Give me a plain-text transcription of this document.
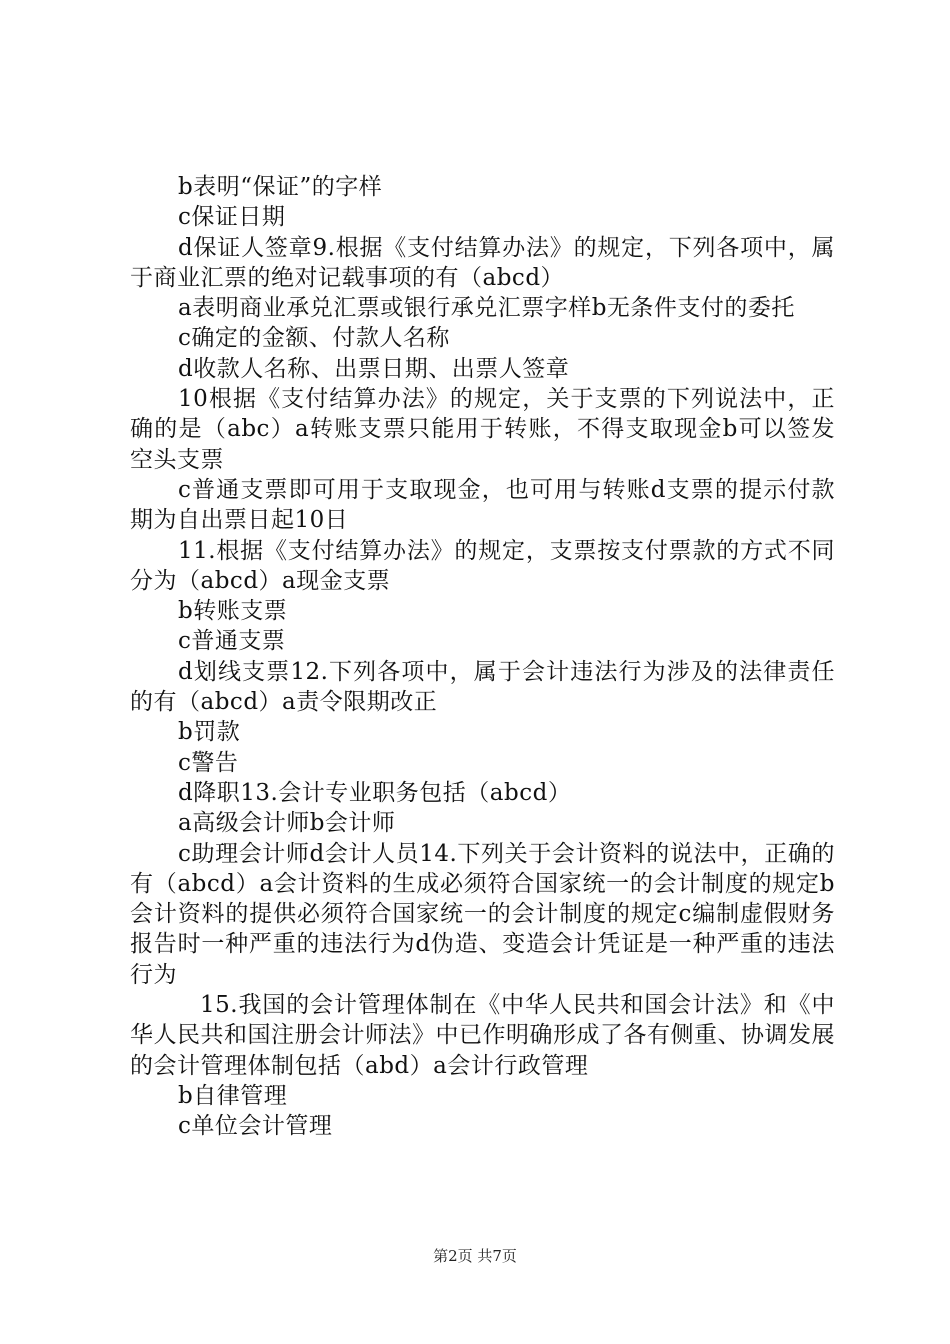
b表明“保证”的字样

c保证日期

d保证人签章9.根据《支付结算办法》的规定，下列各项中，属于商业汇票的绝对记载事项的有（abcd）

a表明商业承兑汇票或银行承兑汇票字样b无条件支付的委托

c确定的金额、付款人名称

d收款人名称、出票日期、出票人签章

10根据《支付结算办法》的规定，关于支票的下列说法中，正确的是（abc）a转账支票只能用于转账，不得支取现金b可以签发空头支票

c普通支票即可用于支取现金，也可用与转账d支票的提示付款期为自出票日起10日

11.根据《支付结算办法》的规定，支票按支付票款的方式不同分为（abcd）a现金支票

b转账支票

c普通支票

d划线支票12.下列各项中，属于会计违法行为涉及的法律责任的有（abcd）a责令限期改正

b罚款

c警告

d降职13.会计专业职务包括（abcd）

a高级会计师b会计师

c助理会计师d会计人员14.下列关于会计资料的说法中，正确的有（abcd）a会计资料的生成必须符合国家统一的会计制度的规定b会计资料的提供必须符合国家统一的会计制度的规定c编制虚假财务报告时一种严重的违法行为d伪造、变造会计凭证是一种严重的违法行为

15.我国的会计管理体制在《中华人民共和国会计法》和《中华人民共和国注册会计师法》中已作明确形成了各有侧重、协调发展的会计管理体制包括（abd）a会计行政管理

b自律管理

c单位会计管理

第2页 共7页
